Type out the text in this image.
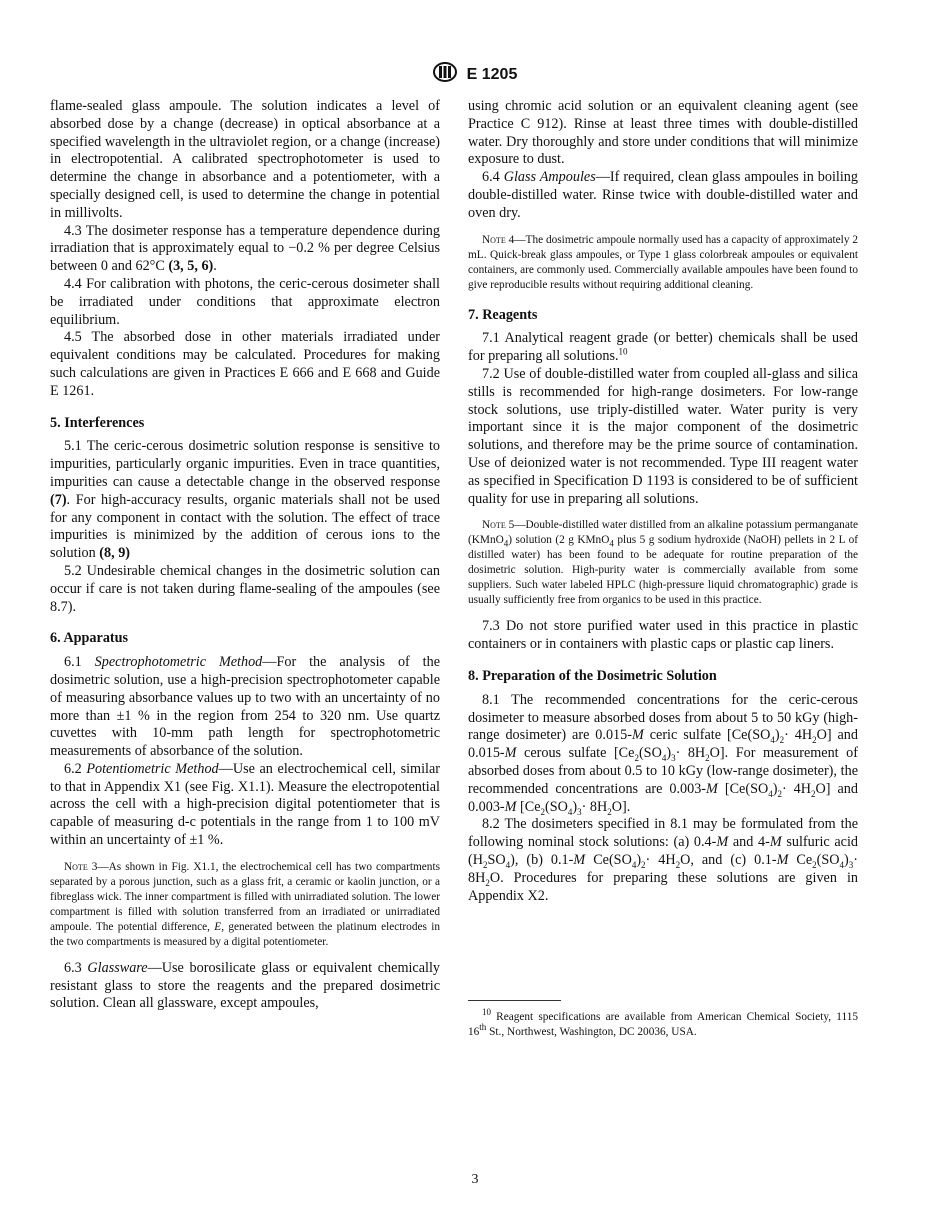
E 1205

flame-sealed glass ampoule. The solution indicates a level of absorbed dose by a change (decrease) in optical absorbance at a specified wavelength in the ultraviolet region, or a change (increase) in electropotential. A calibrated spectrophotometer is used to determine the change in absorbance and a potentiometer, with a specially designed cell, is used to determine the change in potential in millivolts.

4.3 The dosimeter response has a temperature dependence during irradiation that is approximately equal to −0.2 % per degree Celsius between 0 and 62°C (3, 5, 6).

4.4 For calibration with photons, the ceric-cerous dosimeter shall be irradiated under conditions that approximate electron equilibrium.

4.5 The absorbed dose in other materials irradiated under equivalent conditions may be calculated. Procedures for making such calculations are given in Practices E 666 and E 668 and Guide E 1261.

5. Interferences

5.1 The ceric-cerous dosimetric solution response is sensitive to impurities, particularly organic impurities. Even in trace quantities, impurities can cause a detectable change in the observed response (7). For high-accuracy results, organic materials shall not be used for any component in contact with the solution. The effect of trace impurities is minimized by the addition of cerous ions to the solution (8, 9)

5.2 Undesirable chemical changes in the dosimetric solution can occur if care is not taken during flame-sealing of the ampoules (see 8.7).

6. Apparatus

6.1 Spectrophotometric Method—For the analysis of the dosimetric solution, use a high-precision spectrophotometer capable of measuring absorbance values up to two with an uncertainty of no more than ±1 % in the region from 254 to 320 nm. Use quartz cuvettes with 10-mm path length for spectrophotometric measurements of absorbance of the solution.

6.2 Potentiometric Method—Use an electrochemical cell, similar to that in Appendix X1 (see Fig. X1.1). Measure the electropotential across the cell with a high-precision digital potentiometer that is capable of measuring d-c potentials in the range from 1 to 100 mV within an uncertainty of ±1 %.

Note 3—As shown in Fig. X1.1, the electrochemical cell has two compartments separated by a porous junction, such as a glass frit, a ceramic or kaolin junction, or a fibreglass wick. The inner compartment is filled with unirradiated solution. The lower compartment is filled with solution transferred from an irradiated or unirradiated ampoule. The potential difference, E, generated between the platinum electrodes in the two compartments is measured by a digital potentiometer.

6.3 Glassware—Use borosilicate glass or equivalent chemically resistant glass to store the reagents and the prepared dosimetric solution. Clean all glassware, except ampoules,

using chromic acid solution or an equivalent cleaning agent (see Practice C 912). Rinse at least three times with double-distilled water. Dry thoroughly and store under conditions that will minimize exposure to dust.

6.4 Glass Ampoules—If required, clean glass ampoules in boiling double-distilled water. Rinse twice with double-distilled water and oven dry.

Note 4—The dosimetric ampoule normally used has a capacity of approximately 2 mL. Quick-break glass ampoules, or Type 1 glass colorbreak ampoules or equivalent containers, are commonly used. Commercially available ampoules have been found to give reproducible results without requiring additional cleaning.

7. Reagents

7.1 Analytical reagent grade (or better) chemicals shall be used for preparing all solutions.$^{10}$

7.2 Use of double-distilled water from coupled all-glass and silica stills is recommended for high-range dosimeters. For low-range stock solutions, use triply-distilled water. Water purity is very important since it is the major component of the dosimetric solutions, and therefore may be the prime source of contamination. Use of deionized water is not recommended. Type III reagent water as specified in Specification D 1193 is considered to be of sufficient quality for use in preparing all solutions.

Note 5—Double-distilled water distilled from an alkaline potassium permanganate (KMnO$_4$) solution (2 g KMnO$_4$ plus 5 g sodium hydroxide (NaOH) pellets in 2 L of distilled water) has been found to be adequate for routine preparation of the dosimetric solution. High-purity water is commercially available from some suppliers. Such water labeled HPLC (high-pressure liquid chromatographic) grade is usually sufficiently free from organics to be used in this practice.

7.3 Do not store purified water used in this practice in plastic containers or in containers with plastic caps or plastic cap liners.

8. Preparation of the Dosimetric Solution

8.1 The recommended concentrations for the ceric-cerous dosimeter to measure absorbed doses from about 5 to 50 kGy (high-range dosimeter) are 0.015-M ceric sulfate $[Ce(SO_4)_2\cdot 4H_2O]$ and 0.015-M cerous sulfate $[Ce_2(SO_4)_3\cdot 8H_2O]$. For measurement of absorbed doses from about 0.5 to 10 kGy (low-range dosimeter), the recommended concentrations are 0.003-M $[Ce(SO_4)_2\cdot 4H_2O]$ and 0.003-M $[Ce_2(SO_4)_3\cdot 8H_2O]$.

8.2 The dosimeters specified in 8.1 may be formulated from the following nominal stock solutions: (a) 0.4-M and 4-M sulfuric acid $(H_2SO_4)$, (b) 0.1-M $Ce(SO_4)_2\cdot 4H_2O$, and (c) 0.1-M $Ce_2(SO_4)_3\cdot 8H_2O$. Procedures for preparing these solutions are given in Appendix X2.

$^{10}$ Reagent specifications are available from American Chemical Society, 1115 16th St., Northwest, Washington, DC 20036, USA.

3
